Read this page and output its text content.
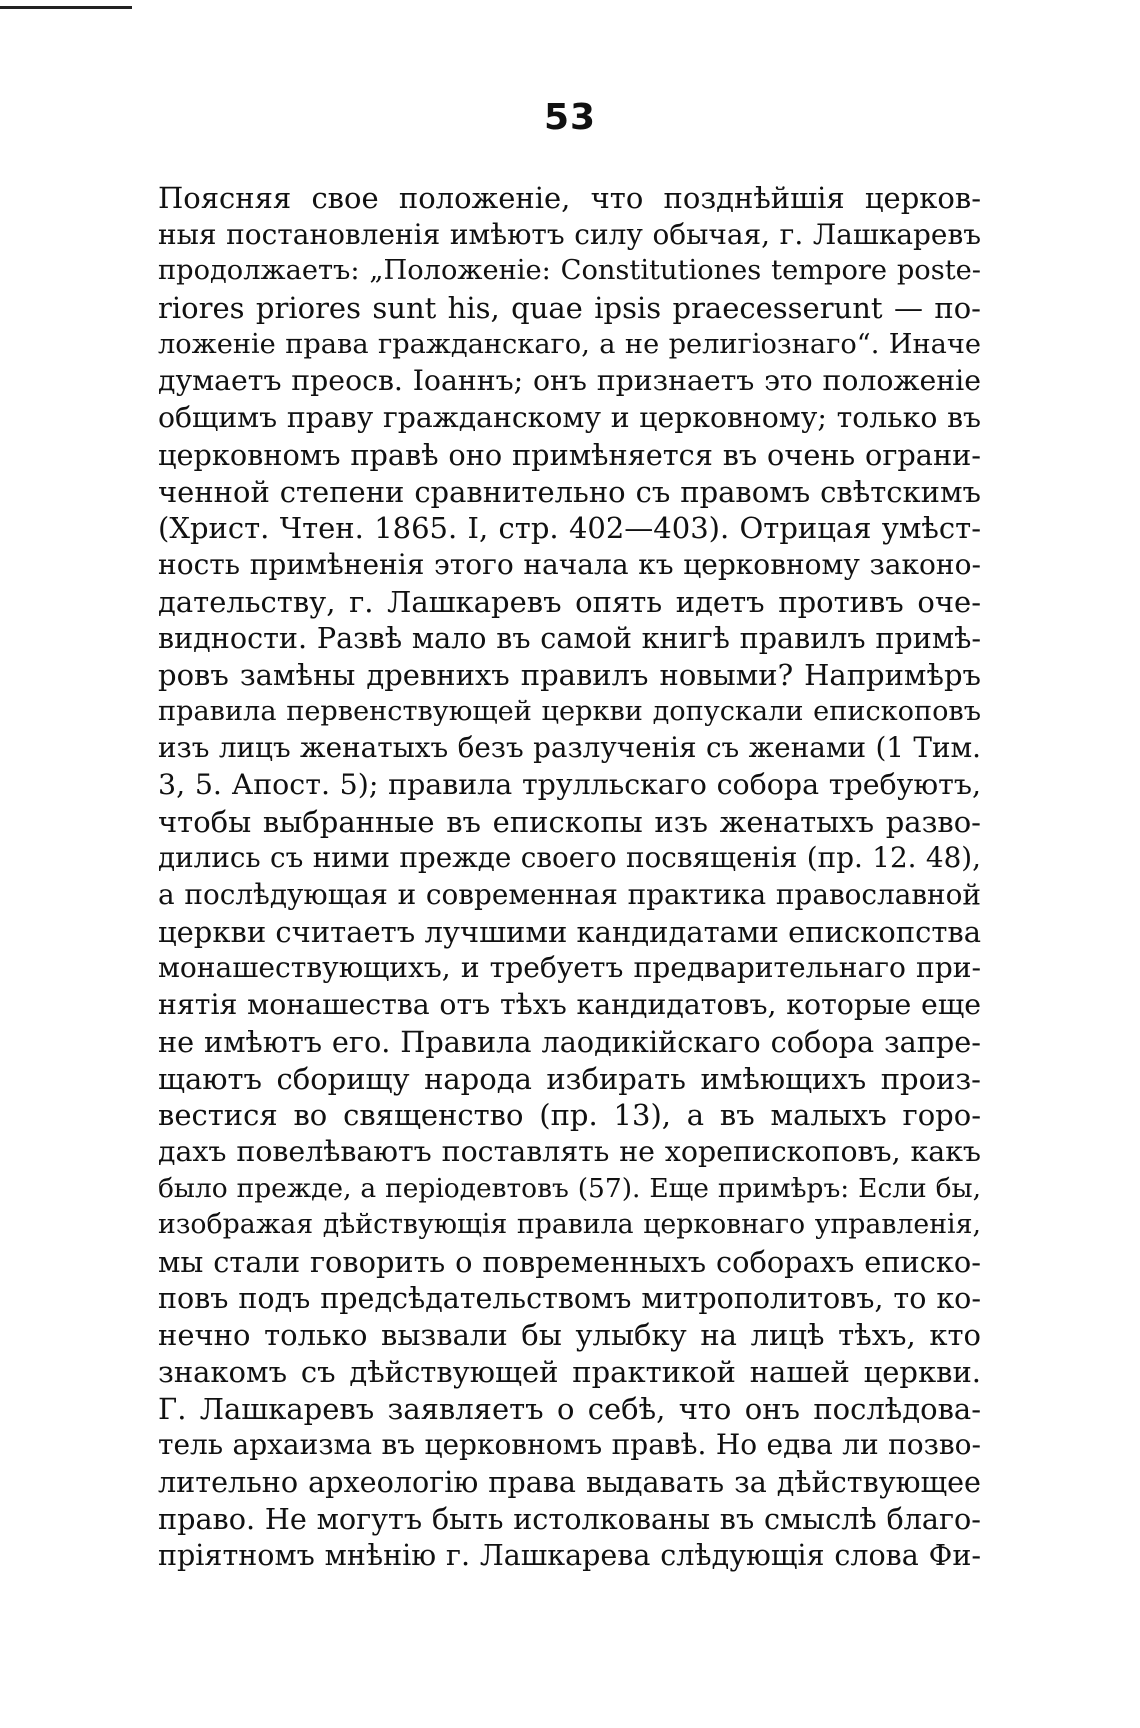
53
Поясняя свое положеніе, что позднѣйшія церков-
ныя постановленія имѣютъ силу обычая, г. Лашкаревъ
продолжаетъ: „Положеніе: Constitutiones tempore poste-
riores priores sunt his, quae ipsis praecesserunt — по-
ложеніе права гражданскаго, а не религіознаго“. Иначе
думаетъ преосв. Іоаннъ; онъ признаетъ это положеніе
общимъ праву гражданскому и церковному; только въ
церковномъ правѣ оно примѣняется въ очень ограни-
ченной степени сравнительно съ правомъ свѣтскимъ
(Христ. Чтен. 1865. I, стр. 402—403). Отрицая умѣст-
ность примѣненія этого начала къ церковному законо-
дательству, г. Лашкаревъ опять идетъ противъ оче-
видности. Развѣ мало въ самой книгѣ правилъ примѣ-
ровъ замѣны древнихъ правилъ новыми? Напримѣръ
правила первенствующей церкви допускали епископовъ
изъ лицъ женатыхъ безъ разлученія съ женами (1 Тим.
3, 5. Апост. 5); правила трулльскаго собора требуютъ,
чтобы выбранные въ епископы изъ женатыхъ разво-
дились съ ними прежде своего посвященія (пр. 12. 48),
а послѣдующая и современная практика православной
церкви считаетъ лучшими кандидатами епископства
монашествующихъ, и требуетъ предварительнаго при-
нятія монашества отъ тѣхъ кандидатовъ, которые еще
не имѣютъ его. Правила лаодикійскаго собора запре-
щаютъ сборищу народа избирать имѣющихъ произ-
вестися во священство (пр. 13), а въ малыхъ горо-
дахъ повелѣваютъ поставлять не хорепископовъ, какъ
было прежде, а періодевтовъ (57). Еще примѣръ: Если бы,
изображая дѣйствующія правила церковнаго управленія,
мы стали говорить о повременныхъ соборахъ еписко-
повъ подъ предсѣдательствомъ митрополитовъ, то ко-
нечно только вызвали бы улыбку на лицѣ тѣхъ, кто
знакомъ съ дѣйствующей практикой нашей церкви.
Г. Лашкаревъ заявляетъ о себѣ, что онъ послѣдова-
тель архаизма въ церковномъ правѣ. Но едва ли позво-
лительно археологію права выдавать за дѣйствующее
право. Не могутъ быть истолкованы въ смыслѣ благо-
пріятномъ мнѣнію г. Лашкарева слѣдующія слова Фи-
